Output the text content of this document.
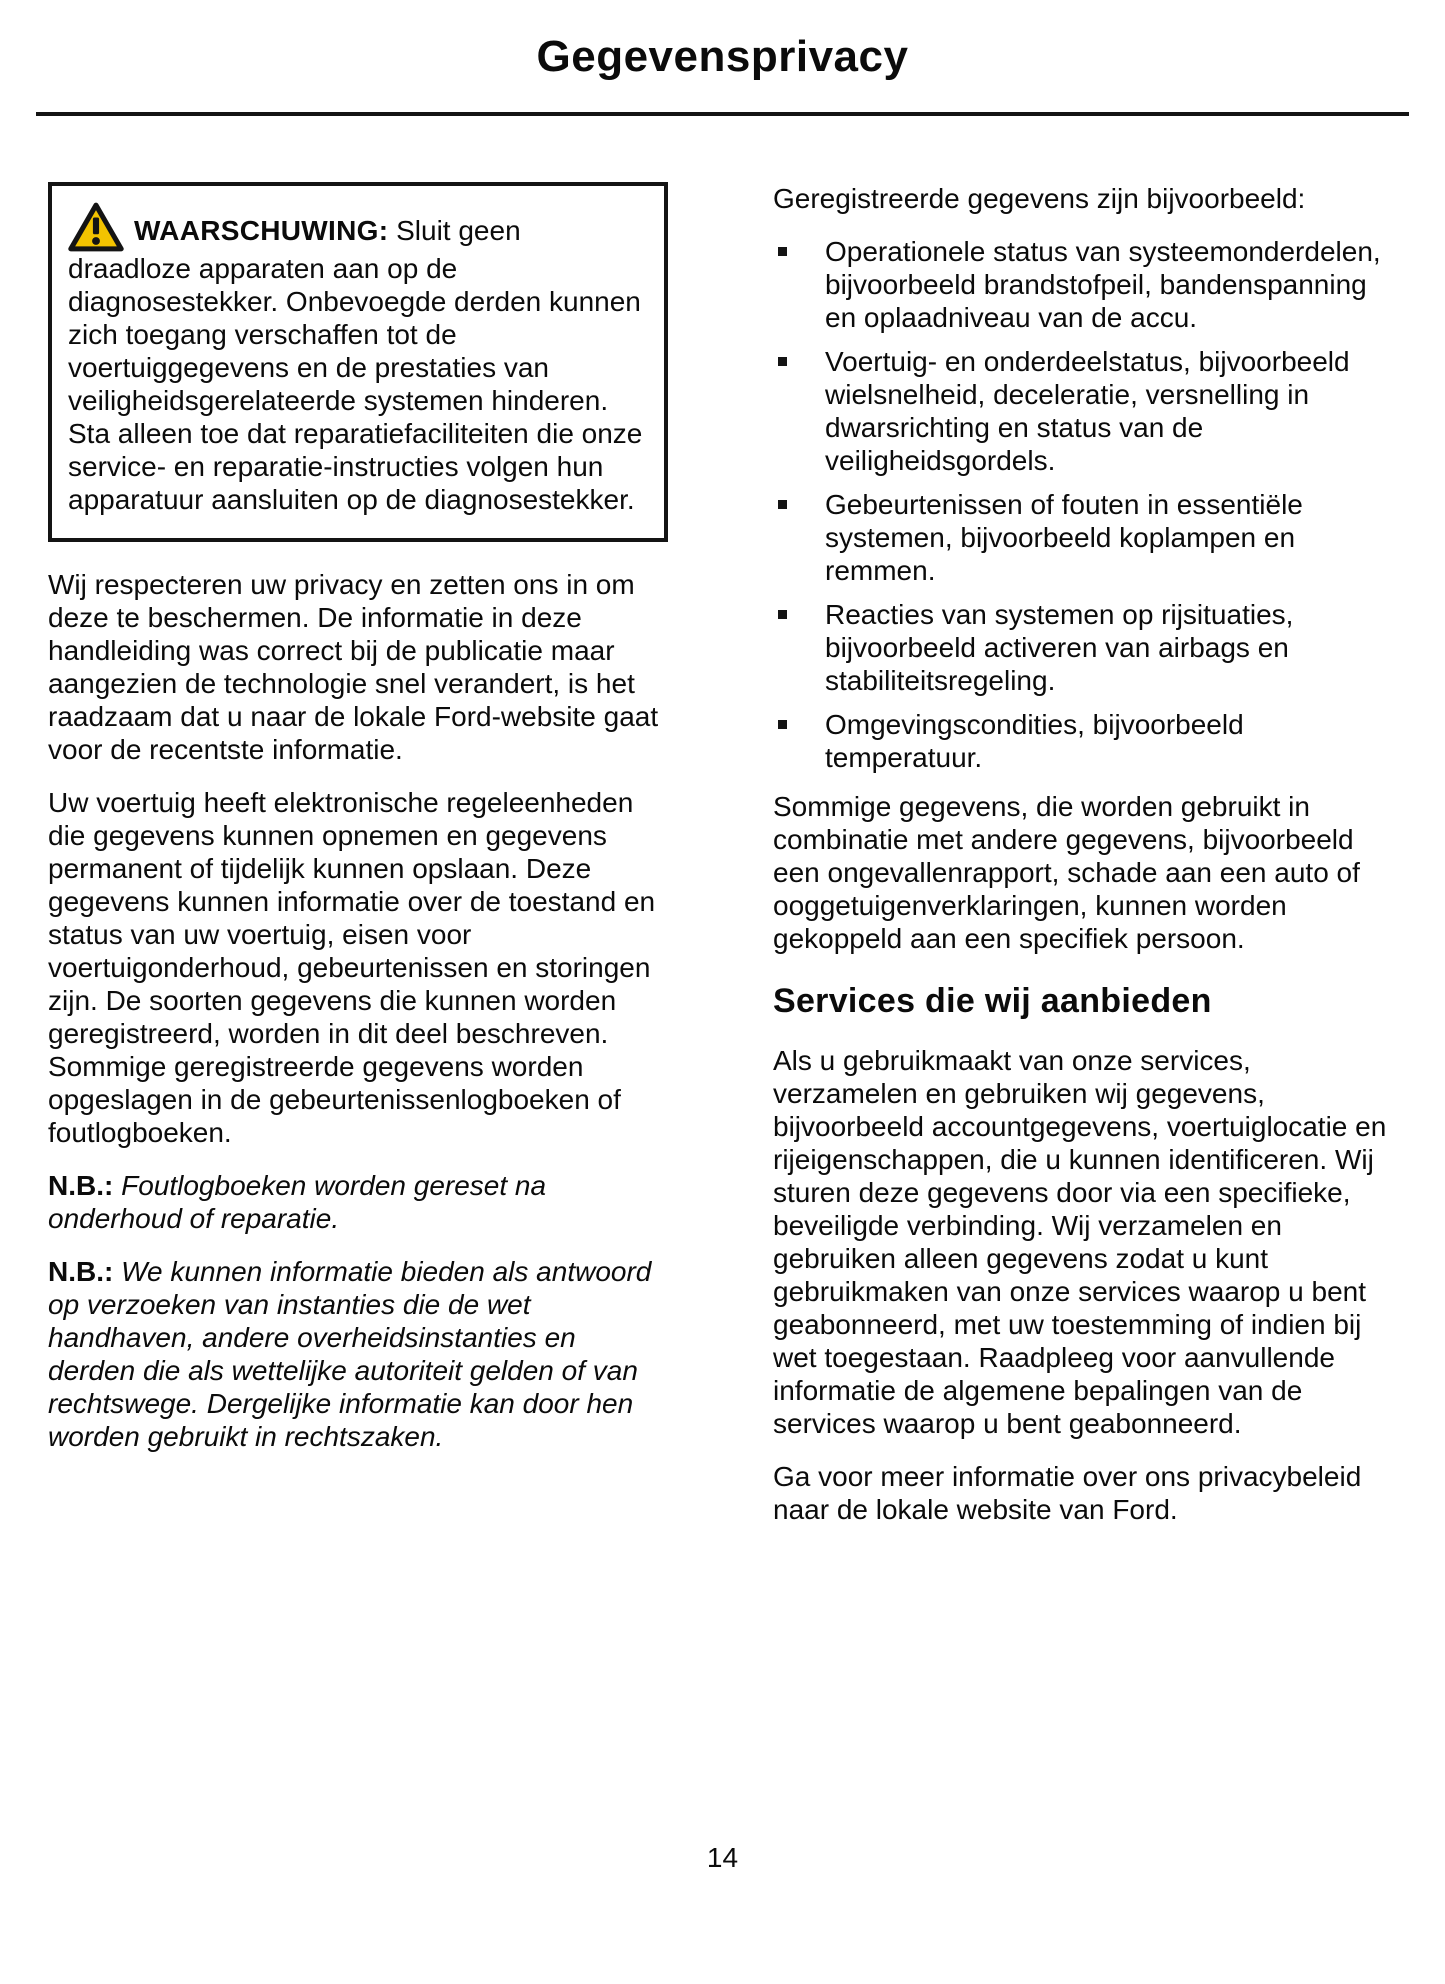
Gegevensprivacy

WAARSCHUWING: Sluit geen draadloze apparaten aan op de diagnosestekker. Onbevoegde derden kunnen zich toegang verschaffen tot de voertuiggegevens en de prestaties van veiligheidsgerelateerde systemen hinderen. Sta alleen toe dat reparatiefaciliteiten die onze service- en reparatie-instructies volgen hun apparatuur aansluiten op de diagnosestekker.

Wij respecteren uw privacy en zetten ons in om deze te beschermen. De informatie in deze handleiding was correct bij de publicatie maar aangezien de technologie snel verandert, is het raadzaam dat u naar de lokale Ford-website gaat voor de recentste informatie.

Uw voertuig heeft elektronische regeleenheden die gegevens kunnen opnemen en gegevens permanent of tijdelijk kunnen opslaan. Deze gegevens kunnen informatie over de toestand en status van uw voertuig, eisen voor voertuigonderhoud, gebeurtenissen en storingen zijn. De soorten gegevens die kunnen worden geregistreerd, worden in dit deel beschreven. Sommige geregistreerde gegevens worden opgeslagen in de gebeurtenissenlogboeken of foutlogboeken.

N.B.: Foutlogboeken worden gereset na onderhoud of reparatie.

N.B.: We kunnen informatie bieden als antwoord op verzoeken van instanties die de wet handhaven, andere overheidsinstanties en derden die als wettelijke autoriteit gelden of van rechtswege. Dergelijke informatie kan door hen worden gebruikt in rechtszaken.

Geregistreerde gegevens zijn bijvoorbeeld:

Operationele status van systeemonderdelen, bijvoorbeeld brandstofpeil, bandenspanning en oplaadniveau van de accu.
Voertuig- en onderdeelstatus, bijvoorbeeld wielsnelheid, deceleratie, versnelling in dwarsrichting en status van de veiligheidsgordels.
Gebeurtenissen of fouten in essentiële systemen, bijvoorbeeld koplampen en remmen.
Reacties van systemen op rijsituaties, bijvoorbeeld activeren van airbags en stabiliteitsregeling.
Omgevingscondities, bijvoorbeeld temperatuur.

Sommige gegevens, die worden gebruikt in combinatie met andere gegevens, bijvoorbeeld een ongevallenrapport, schade aan een auto of ooggetuigenverklaringen, kunnen worden gekoppeld aan een specifiek persoon.

Services die wij aanbieden

Als u gebruikmaakt van onze services, verzamelen en gebruiken wij gegevens, bijvoorbeeld accountgegevens, voertuiglocatie en rijeigenschappen, die u kunnen identificeren. Wij sturen deze gegevens door via een specifieke, beveiligde verbinding. Wij verzamelen en gebruiken alleen gegevens zodat u kunt gebruikmaken van onze services waarop u bent geabonneerd, met uw toestemming of indien bij wet toegestaan. Raadpleeg voor aanvullende informatie de algemene bepalingen van de services waarop u bent geabonneerd.

Ga voor meer informatie over ons privacybeleid naar de lokale website van Ford.

14
